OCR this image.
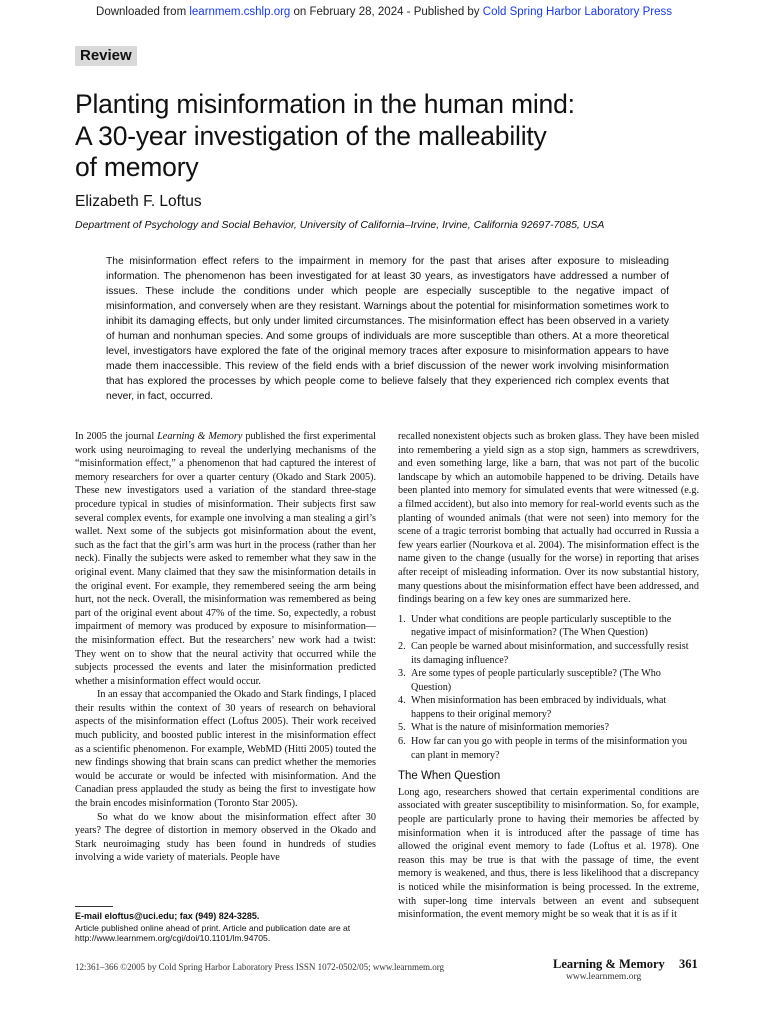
Downloaded from learnmem.cshlp.org on February 28, 2024 - Published by Cold Spring Harbor Laboratory Press
Review
Planting misinformation in the human mind:
A 30-year investigation of the malleability
of memory
Elizabeth F. Loftus
Department of Psychology and Social Behavior, University of California–Irvine, Irvine, California 92697-7085, USA

The misinformation effect refers to the impairment in memory for the past that arises after exposure to misleading information. The phenomenon has been investigated for at least 30 years, as investigators have addressed a number of issues. These include the conditions under which people are especially susceptible to the negative impact of misinformation, and conversely when are they resistant. Warnings about the potential for misinformation sometimes work to inhibit its damaging effects, but only under limited circumstances. The misinformation effect has been observed in a variety of human and nonhuman species. And some groups of individuals are more susceptible than others. At a more theoretical level, investigators have explored the fate of the original memory traces after exposure to misinformation appears to have made them inaccessible. This review of the field ends with a brief discussion of the newer work involving misinformation that has explored the processes by which people come to believe falsely that they experienced rich complex events that never, in fact, occurred.

In 2005 the journal Learning & Memory published the first experimental work using neuroimaging to reveal the underlying mechanisms of the “misinformation effect,” a phenomenon that had captured the interest of memory researchers for over a quarter century (Okado and Stark 2005). These new investigators used a variation of the standard three-stage procedure typical in studies of misinformation. Their subjects first saw several complex events, for example one involving a man stealing a girl’s wallet. Next some of the subjects got misinformation about the event, such as the fact that the girl’s arm was hurt in the process (rather than her neck). Finally the subjects were asked to remember what they saw in the original event. Many claimed that they saw the misinformation details in the original event. For example, they remembered seeing the arm being hurt, not the neck. Overall, the misinformation was remembered as being part of the original event about 47% of the time. So, expectedly, a robust impairment of memory was produced by exposure to misinformation—the misinformation effect. But the researchers’ new work had a twist: They went on to show that the neural activity that occurred while the subjects processed the events and later the misinformation predicted whether a misinformation effect would occur.

In an essay that accompanied the Okado and Stark findings, I placed their results within the context of 30 years of research on behavioral aspects of the misinformation effect (Loftus 2005). Their work received much publicity, and boosted public interest in the misinformation effect as a scientific phenomenon. For example, WebMD (Hitti 2005) touted the new findings showing that brain scans can predict whether the memories would be accurate or would be infected with misinformation. And the Canadian press applauded the study as being the first to investigate how the brain encodes misinformation (Toronto Star 2005).

So what do we know about the misinformation effect after 30 years? The degree of distortion in memory observed in the Okado and Stark neuroimaging study has been found in hundreds of studies involving a wide variety of materials. People have

recalled nonexistent objects such as broken glass. They have been misled into remembering a yield sign as a stop sign, hammers as screwdrivers, and even something large, like a barn, that was not part of the bucolic landscape by which an automobile happened to be driving. Details have been planted into memory for simulated events that were witnessed (e.g. a filmed accident), but also into memory for real-world events such as the planting of wounded animals (that were not seen) into memory for the scene of a tragic terrorist bombing that actually had occurred in Russia a few years earlier (Nourkova et al. 2004). The misinformation effect is the name given to the change (usually for the worse) in reporting that arises after receipt of misleading information. Over its now substantial history, many questions about the misinformation effect have been addressed, and findings bearing on a few key ones are summarized here.

1. Under what conditions are people particularly susceptible to the negative impact of misinformation? (The When Question)
2. Can people be warned about misinformation, and successfully resist its damaging influence?
3. Are some types of people particularly susceptible? (The Who Question)
4. When misinformation has been embraced by individuals, what happens to their original memory?
5. What is the nature of misinformation memories?
6. How far can you go with people in terms of the misinformation you can plant in memory?
The When Question

Long ago, researchers showed that certain experimental conditions are associated with greater susceptibility to misinformation. So, for example, people are particularly prone to having their memories be affected by misinformation when it is introduced after the passage of time has allowed the original event memory to fade (Loftus et al. 1978). One reason this may be true is that with the passage of time, the event memory is weakened, and thus, there is less likelihood that a discrepancy is noticed while the misinformation is being processed. In the extreme, with super-long time intervals between an event and subsequent misinformation, the event memory might be so weak that it is as if it

E-mail eloftus@uci.edu; fax (949) 824-3285.
Article published online ahead of print. Article and publication date are at http://www.learnmem.org/cgi/doi/10.1101/lm.94705.
12:361–366 ©2005 by Cold Spring Harbor Laboratory Press ISSN 1072-0502/05; www.learnmem.org	Learning & Memory 361
www.learnmem.org
